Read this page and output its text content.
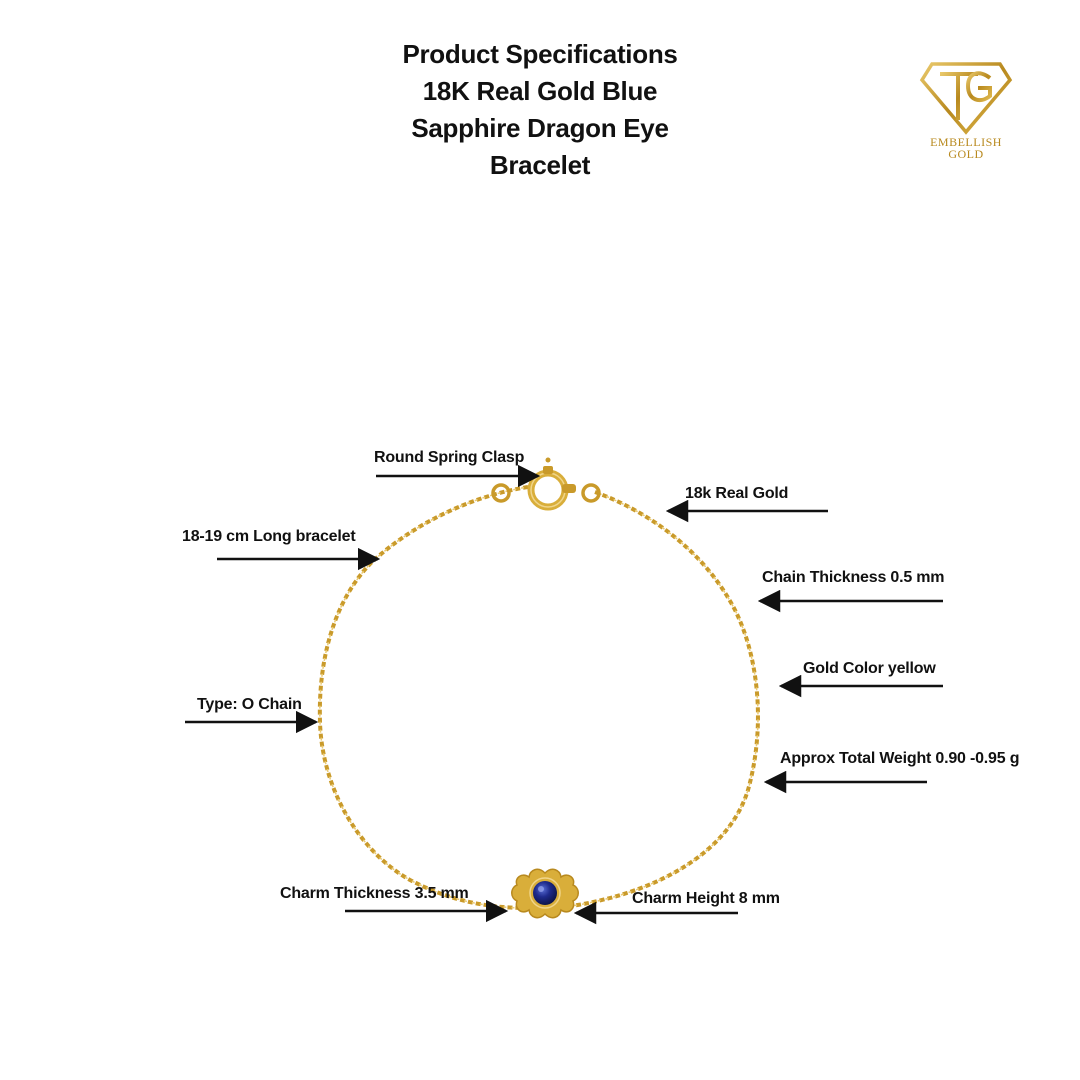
Product Specifications
18K Real Gold Blue
Sapphire Dragon Eye
Bracelet
EMBELLISH
GOLD
Round Spring Clasp
18k Real Gold
18-19 cm Long bracelet
Chain Thickness 0.5 mm
Gold Color yellow
Type: O Chain
Approx Total Weight 0.90 -0.95 g
Charm Thickness 3.5 mm	Charm Height 8 mm
